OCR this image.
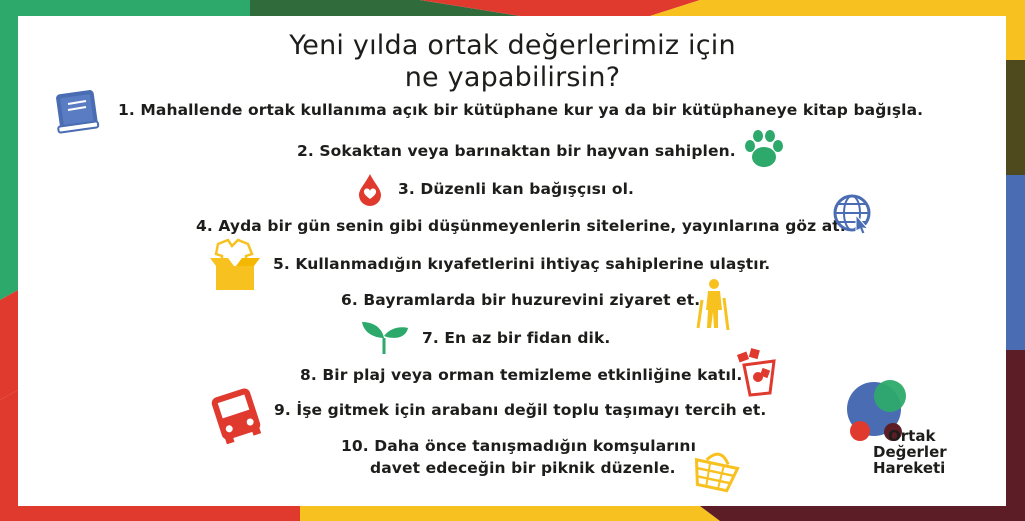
Yeni yılda ortak değerlerimiz için
ne yapabilirsin?
1. Mahallende ortak kullanıma açık bir kütüphane kur ya da bir kütüphaneye kitap bağışla.
2. Sokaktan veya barınaktan bir hayvan sahiplen.
3. Düzenli kan bağışçısı ol.
4. Ayda bir gün senin gibi düşünmeyenlerin sitelerine, yayınlarına göz at.
5. Kullanmadığın kıyafetlerini ihtiyaç sahiplerine ulaştır.
6. Bayramlarda bir huzurevini ziyaret et.
7. En az bir fidan dik.
8. Bir plaj veya orman temizleme etkinliğine katıl.
9. İşe gitmek için arabanı değil toplu taşımayı tercih et.
10. Daha önce tanışmadığın komşularını
davet edeceğin bir piknik düzenle.
Ortak
Değerler
Hareketi
